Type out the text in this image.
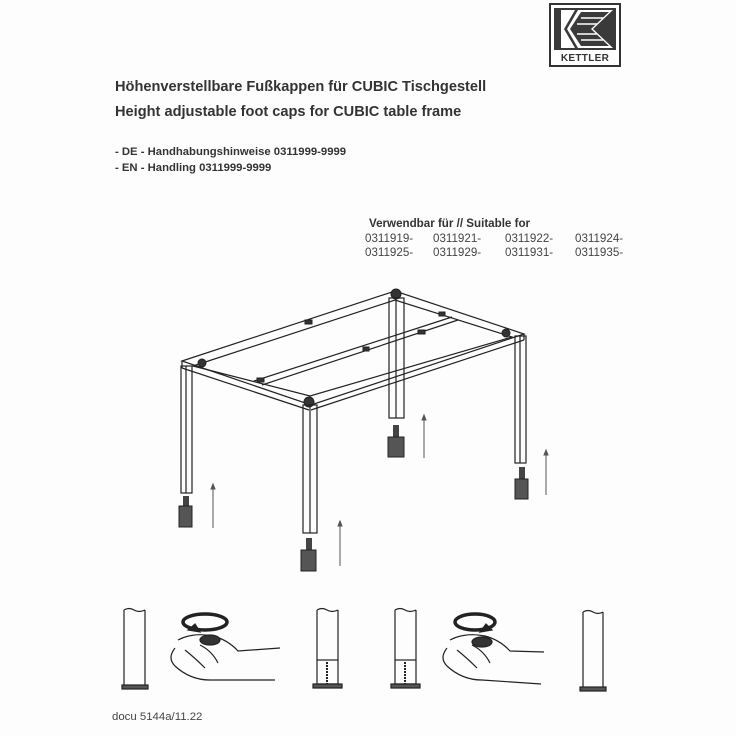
KETTLER
Höhenverstellbare Fußkappen für CUBIC Tischgestell
Height adjustable foot caps for CUBIC table frame
- DE - Handhabungshinweise 0311999-9999
- EN - Handling 0311999-9999
Verwendbar für // Suitable for
0311919-	0311921-	0311922-	0311924-
0311925-	0311929-	0311931-	0311935-
docu 5144a/11.22
